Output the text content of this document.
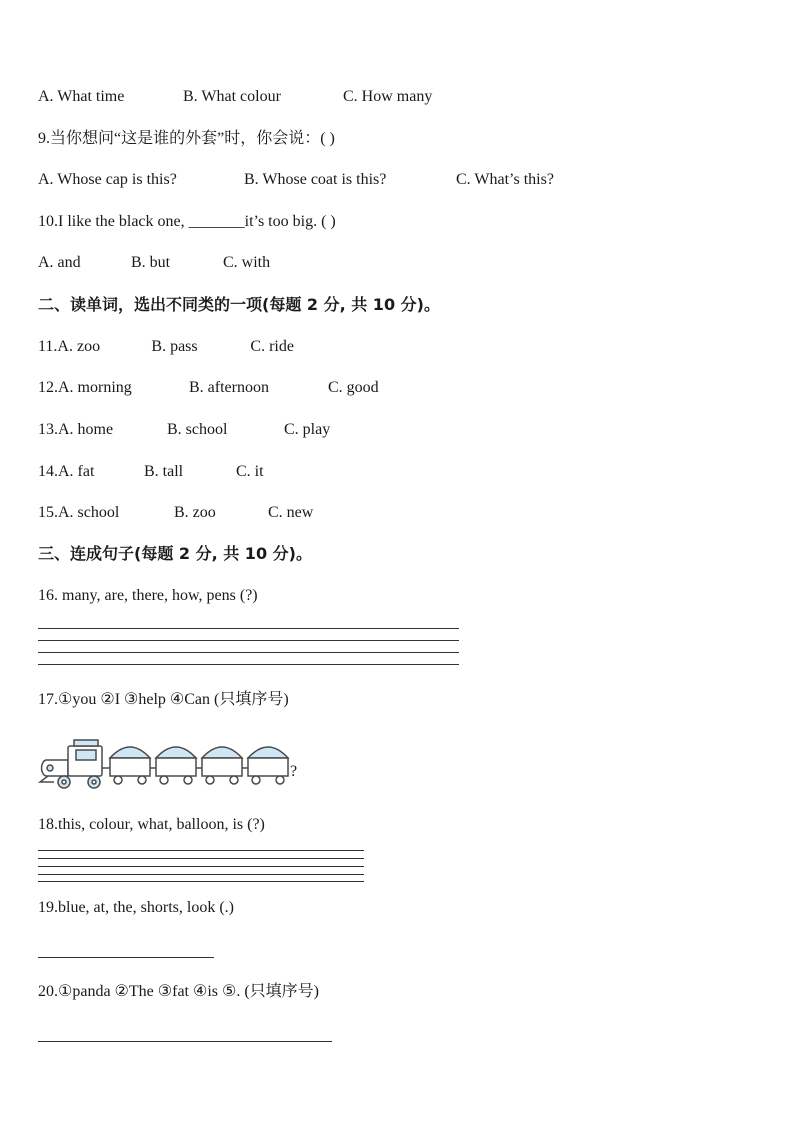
A. What time	B. What colour	C. How many
9.当你想问“这是谁的外套”时，你会说：( )
A. Whose cap is this?	B. Whose coat is this?	C. What’s this?
10.I like the black one, _______it’s too big. ( )
A. and	B. but	C. with
二、读单词，选出不同类的一项(每题 2 分, 共 10 分)。
11.A. zoo	B. pass	C. ride
12.A. morning	B. afternoon	C. good
13.A. home	B. school	C. play
14.A. fat	B. tall	C. it
15.A. school	B. zoo	C. new
三、连成句子(每题 2 分, 共 10 分)。
16. many, are, there, how, pens (?)
17.①you ②I ③help ④Can (只填序号)
?
18.this, colour, what, balloon, is (?)
19.blue, at, the, shorts, look (.)
20.①panda ②The ③fat ④is ⑤. (只填序号)
